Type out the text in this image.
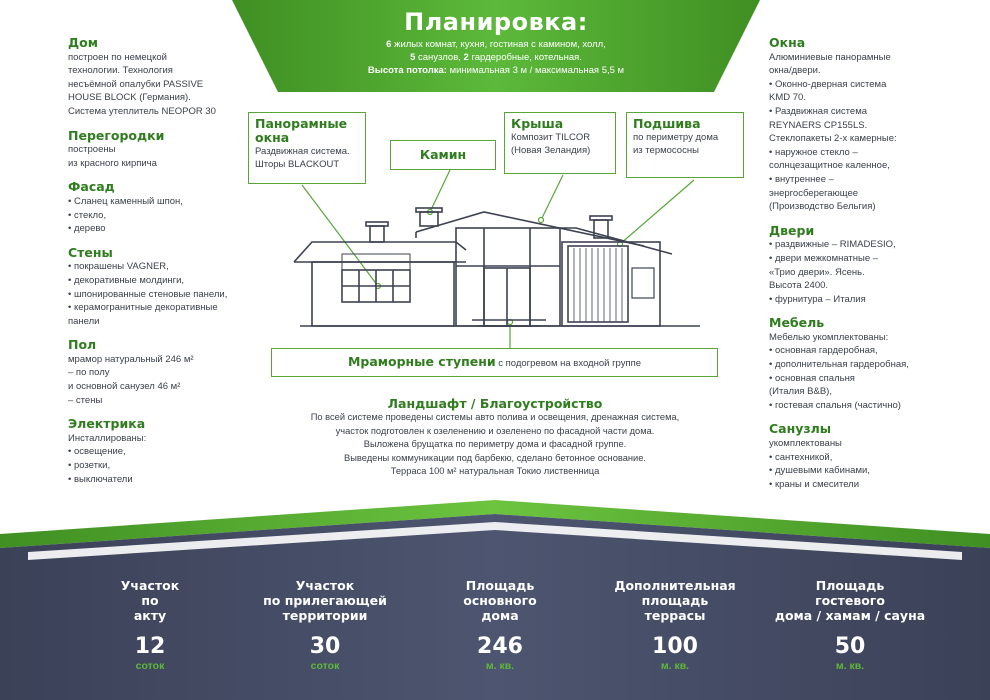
Планировка:
6 жилых комнат, кухня, гостиная с камином, холл,
5 санузлов, 2 гардеробные, котельная.
Высота потолка: минимальная 3 м / максимальная 5,5 м
Дом
построен по немецкой
технологии. Технология
несъёмной опалубки PASSIVE
HOUSE BLOCK (Германия).
Система утеплитель NEOPOR 30
Перегородки
построены
из красного кирпича
Фасад
• Сланец каменный шпон,
• стекло,
• дерево
Стены
• покрашены VAGNER,
• декоративные молдинги,
• шпонированные стеновые панели,
• керамогранитные декоративные
панели
Пол
мрамор натуральный 246 м²
– по полу
и основной санузел 46 м²
– стены
Электрика
Инсталлированы:
• освещение,
• розетки,
• выключатели
Окна
Алюминиевые панорамные
окна/двери.
• Оконно-дверная система
KMD 70.
• Раздвижная система
REYNAERS CP155LS.
Стеклопакеты 2-х камерные:
• наружное стекло –
солнцезащитное каленное,
• внутреннее –
энергосберегающее
(Производство Бельгия)
Двери
• раздвижные – RIMADESIO,
• двери межкомнатные –
«Трио двери». Ясень.
Высота 2400.
• фурнитура – Италия
Мебель
Мебелью укомплектованы:
• основная гардеробная,
• дополнительная гардеробная,
• основная спальня
(Италия B&B),
• гостевая спальня (частично)
Санузлы
укомплектованы
• сантехникой,
• душевыми кабинами,
• краны и смесители
Панорамные
окна
Раздвижная система.
Шторы BLACKOUT
Камин
Крыша
Композит TILCOR
(Новая Зеландия)
Подшива
по периметру дома
из термососны
Мраморные ступени с подогревом на входной группе
Ландшафт / Благоустройство
По всей системе проведены системы авто полива и освещения, дренажная система,
участок подготовлен к озеленению и озеленено по фасадной части дома.
Выложена брущатка по периметру дома и фасадной группе.
Выведены коммуникации под барбекю, сделано бетонное основание.
Терраса 100 м² натуральная Токио лиственница
Участок
по
акту
12
соток
Участок
по прилегающей
территории
30
соток
Площадь
основного
дома
246
м. кв.
Дополнительная
площадь
террасы
100
м. кв.
Площадь
гостевого
дома / хамам / сауна
50
м. кв.
